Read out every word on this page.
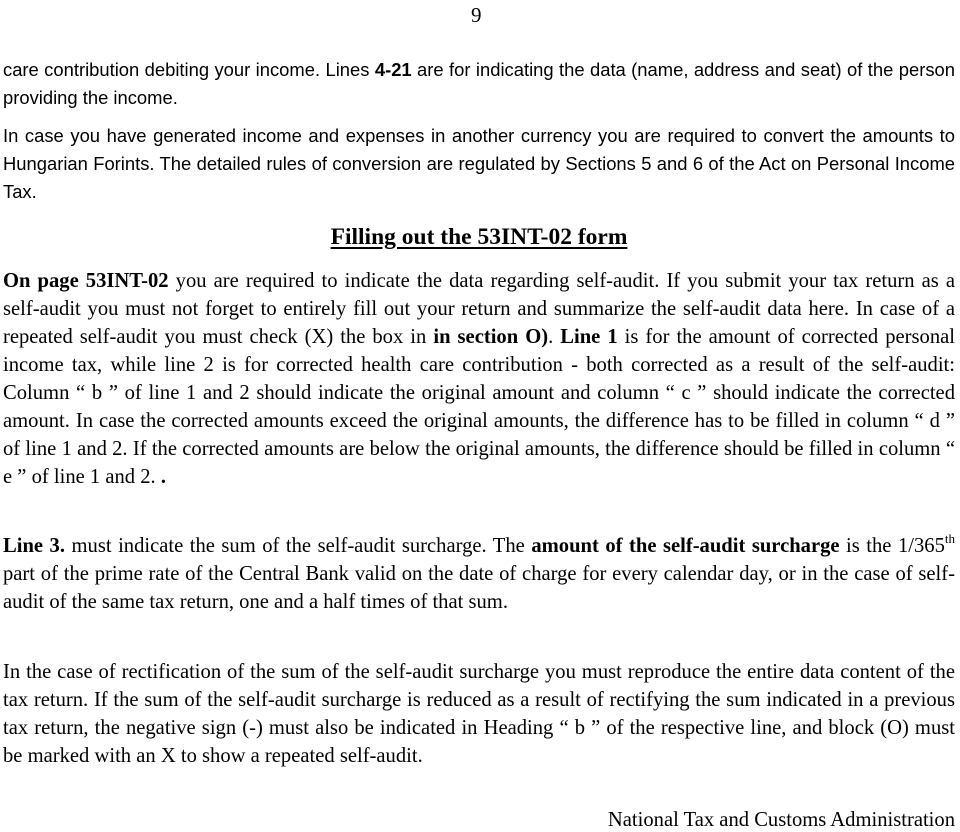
9

care contribution debiting your income. Lines 4-21 are for indicating the data (name, address and seat) of the person providing the income.

In case you have generated income and expenses in another currency you are required to convert the amounts to Hungarian Forints. The detailed rules of conversion are regulated by Sections 5 and 6 of the Act on Personal Income Tax.

Filling out the 53INT-02 form

On page 53INT-02 you are required to indicate the data regarding self-audit. If you submit your tax return as a self-audit you must not forget to entirely fill out your return and summarize the self-audit data here. In case of a repeated self-audit you must check (X) the box in in section O). Line 1 is for the amount of corrected personal income tax, while line 2 is for corrected health care contribution - both corrected as a result of the self-audit: Column “ b ” of line 1 and 2 should indicate the original amount and column “ c ” should indicate the corrected amount. In case the corrected amounts exceed the original amounts, the difference has to be filled in column “ d ” of line 1 and 2. If the corrected amounts are below the original amounts, the difference should be filled in column “ e ” of line 1 and 2. .

Line 3. must indicate the sum of the self-audit surcharge. The amount of the self-audit surcharge is the 1/365th part of the prime rate of the Central Bank valid on the date of charge for every calendar day, or in the case of self-audit of the same tax return, one and a half times of that sum.

In the case of rectification of the sum of the self-audit surcharge you must reproduce the entire data content of the tax return. If the sum of the self-audit surcharge is reduced as a result of rectifying the sum indicated in a previous tax return, the negative sign (-) must also be indicated in Heading “ b ” of the respective line, and block (O) must be marked with an X to show a repeated self-audit.

National Tax and Customs Administration
